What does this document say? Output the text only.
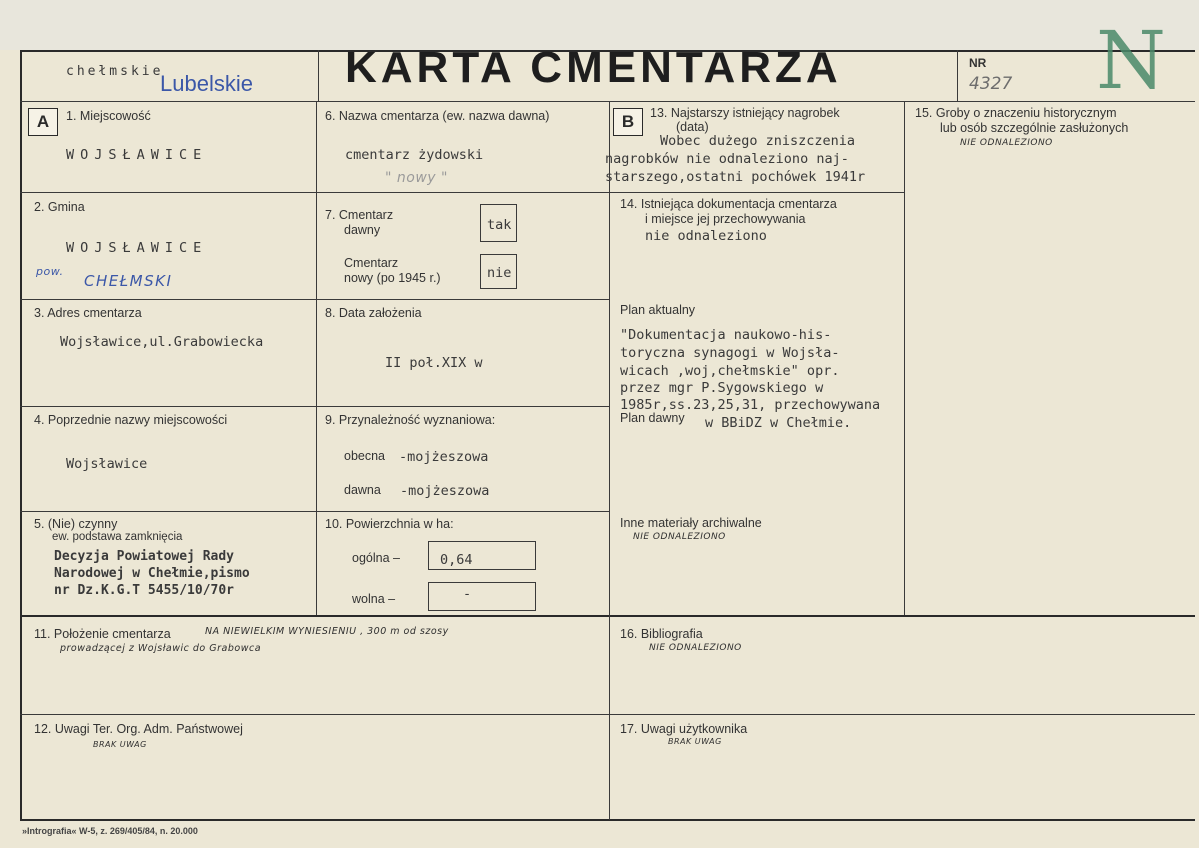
chełmskie
Lubelskie KARTA CMENTARZA	NR
4327 N
A	B
1. Miejscowość
WOJSŁAWICE
2. Gmina
WOJSŁAWICE
pow.
CHEŁMSKI
3. Adres cmentarza
Wojsławice,ul.Grabowiecka
4. Poprzednie nazwy miejscowości
Wojsławice
5. (Nie) czynny
ew. podstawa zamknięcia
Decyzja Powiatowej Rady
Narodowej w Chełmie,pismo
nr Dz.K.G.T 5455/10/70r
6. Nazwa cmentarza (ew. nazwa dawna)
cmentarz żydowski
" nowy "
7. Cmentarz
dawny	tak
Cmentarz
nowy (po 1945 r.)	nie
8. Data założenia
II poł.XIX w
9. Przynależność wyznaniowa:
obecna -mojżeszowa
dawna -mojżeszowa
10. Powierzchnia w ha:
ogólna –	0,64
wolna –	-
13. Najstarszy istniejący nagrobek
(data)
Wobec dużego zniszczenia
nagrobków nie odnaleziono naj-
starszego,ostatni pochówek 1941r
14. Istniejąca dokumentacja cmentarza
i miejsce jej przechowywania
nie odnaleziono
Plan aktualny
"Dokumentacja naukowo-his-
toryczna synagogi w Wojsła-
wicach ,woj,chełmskie" opr.
przez mgr P.Sygowskiego w
1985r,ss.23,25,31, przechowywana
Plan dawny w BBiDZ w Chełmie.
Inne materiały archiwalne
NIE ODNALEZIONO
15. Groby o znaczeniu historycznym
lub osób szczególnie zasłużonych
NIE ODNALEZIONO
11. Położenie cmentarza	NA NIEWIELKIM WYNIESIENIU , 300 m od szosy
prowadzącej z Wojsławic do Grabowca
12. Uwagi Ter. Org. Adm. Państwowej
BRAK UWAG
16. Bibliografia
NIE ODNALEZIONO
17. Uwagi użytkownika
BRAK UWAG
»Intrografia« W-5, z. 269/405/84, n. 20.000
